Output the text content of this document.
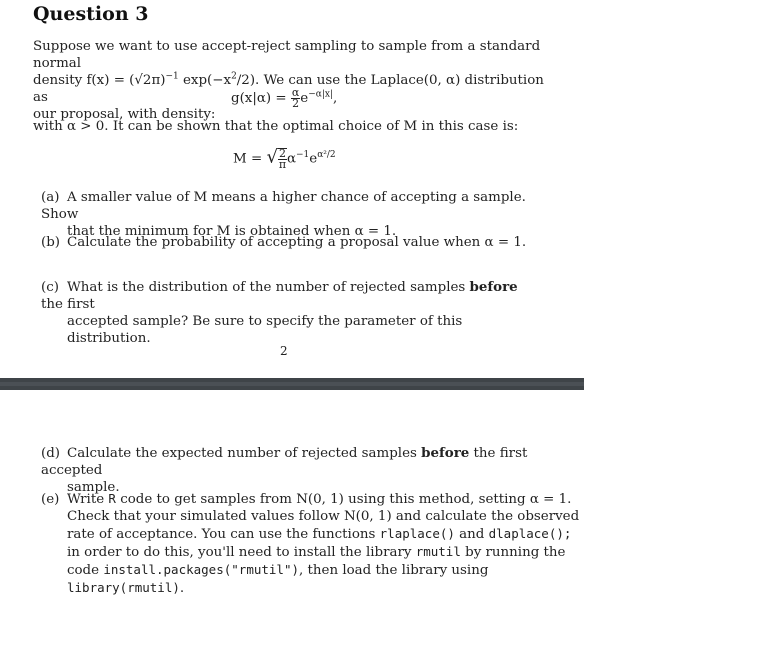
Question 3
Suppose we want to use accept-reject sampling to sample from a standard normal
density $f(x) = (√2\pi)^{-1}$ $\exp(-x^2/2)$. We can use the Laplace(0, α) distribution as
our proposal, with density:
$g(x|\alpha) = \frac{\alpha}{2} e^{-\alpha|x|}$,
with α > 0. It can be shown that the optimal choice of M in this case is:
M = √ $\frac{2}{\pi} \alpha^{-1}e^{\alpha^2/2}$
(a) A smaller value of M means a higher chance of accepting a sample. Show
that the minimum for M is obtained when α = 1.
(b) Calculate the probability of accepting a proposal value when α = 1.
(c) What is the distribution of the number of rejected samples before the first
accepted sample? Be sure to specify the parameter of this distribution.
2
(d) Calculate the expected number of rejected samples before the first accepted
sample.
(e) Write R code to get samples from N(0, 1) using this method, setting α = 1.
Check that your simulated values follow N(0, 1) and calculate the observed
rate of acceptance. You can use the functions rlaplace() and dlaplace();
in order to do this, you'll need to install the library rmutil by running the
code install.packages("rmutil"), then load the library using library(rmutil).
